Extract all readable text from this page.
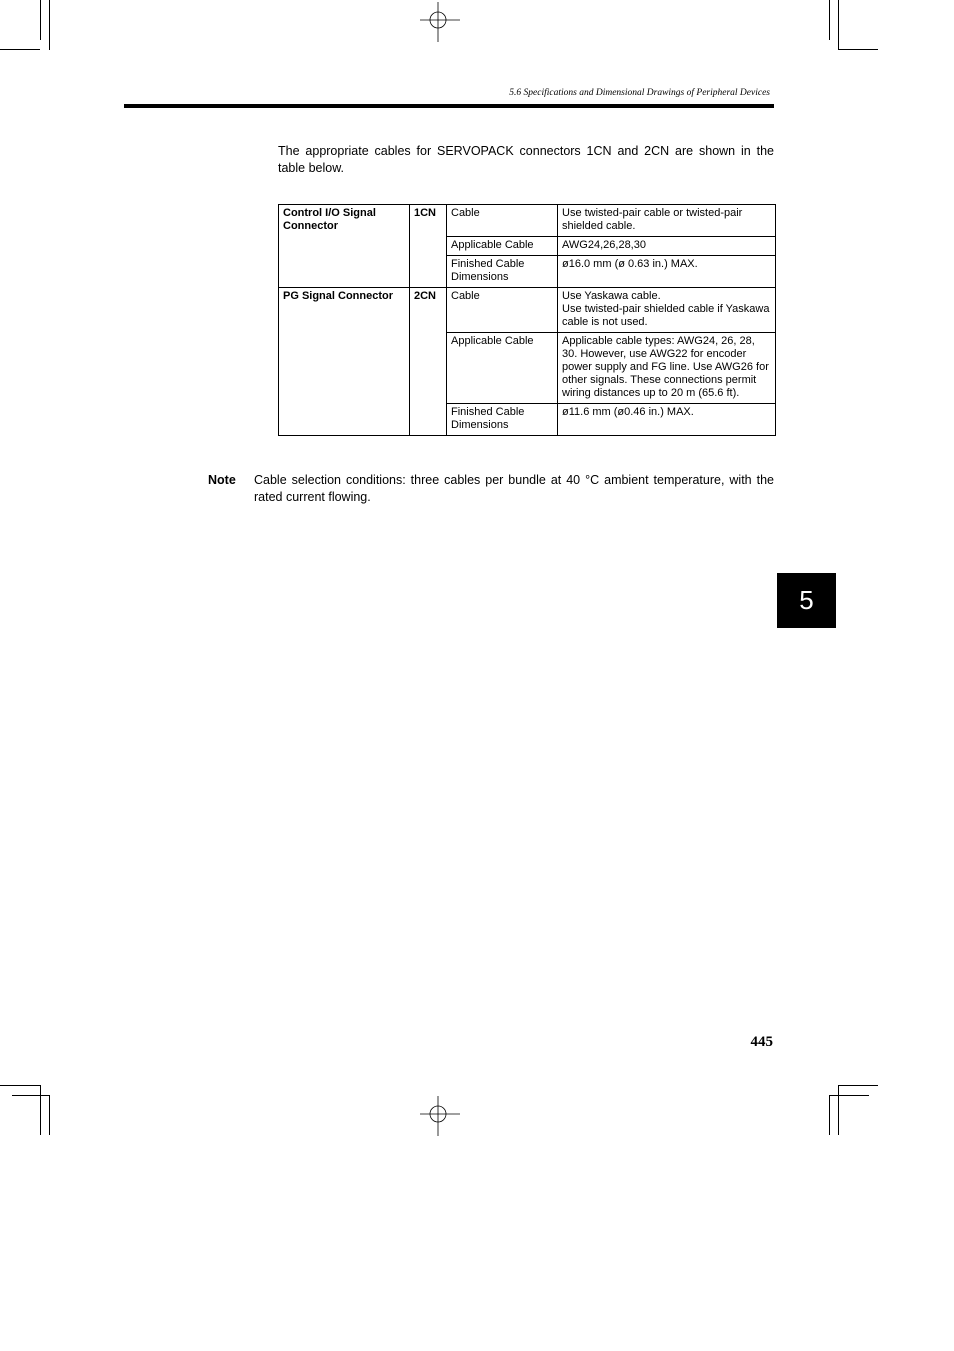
5.6 Specifications and Dimensional Drawings of Peripheral Devices

The appropriate cables for SERVOPACK connectors 1CN and 2CN are shown in the table below.

Control I/O Signal Connector	1CN	Cable	Use twisted-pair cable or twisted-pair shielded cable.
		Applicable Cable	AWG24,26,28,30
		Finished Cable Dimensions	ø16.0 mm (ø 0.63 in.) MAX.
PG Signal Connector	2CN	Cable	Use Yaskawa cable.
Use twisted-pair shielded cable if Yaskawa cable is not used.

		Applicable Cable	Applicable cable types: AWG24, 26, 28, 30. However, use AWG22 for encoder power supply and FG line. Use AWG26 for other signals. These connections permit wiring distances up to 20 m (65.6 ft).
		Finished Cable Dimensions	ø11.6 mm (ø0.46 in.) MAX.
Note Cable selection conditions: three cables per bundle at 40 °C ambient temperature, with the rated current flowing.

5
445
